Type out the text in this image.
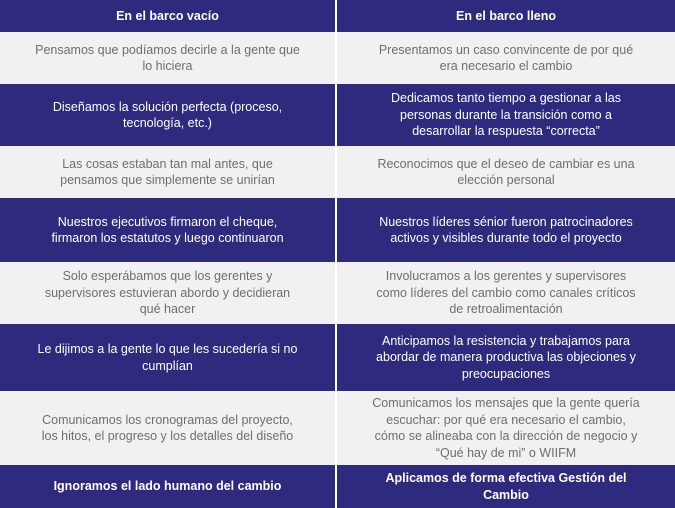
En el barco vacío	En el barco lleno
Pensamos que podíamos decirle a la gente que lo hiciera
Presentamos un caso convincente de por qué era necesario el cambio
Diseñamos la solución perfecta (proceso, tecnología, etc.)
Dedicamos tanto tiempo a gestionar a las personas durante la transición como a desarrollar la respuesta “correcta”
Las cosas estaban tan mal antes, que pensamos que simplemente se unirían
Reconocimos que el deseo de cambiar es una elección personal
Nuestros ejecutivos firmaron el cheque, firmaron los estatutos y luego continuaron
Nuestros líderes sénior fueron patrocinadores activos y visibles durante todo el proyecto
Solo esperábamos que los gerentes y supervisores estuvieran abordo y decidieran qué hacer
Involucramos a los gerentes y supervisores como líderes del cambio como canales críticos de retroalimentación
Le dijimos a la gente lo que les sucedería si no cumplían
Anticipamos la resistencia y trabajamos para abordar de manera productiva las objeciones y preocupaciones
Comunicamos los cronogramas del proyecto, los hitos, el progreso y los detalles del diseño
Comunicamos los mensajes que la gente quería escuchar: por qué era necesario el cambio, cómo se alineaba con la dirección de negocio y “Qué hay de mi” o WIIFM
Ignoramos el lado humano del cambio
Aplicamos de forma efectiva Gestión del Cambio
